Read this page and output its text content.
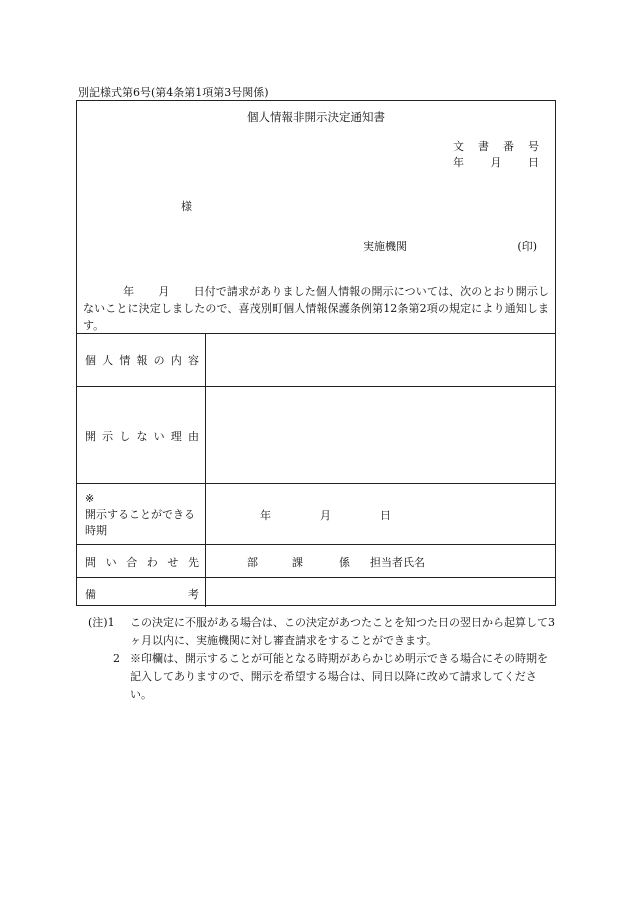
別記様式第6号(第4条第1項第3号関係)
個人情報非開示決定通知書
文 書 番 号
年 月 日
様
実施機関	(印)
年 月 日付で請求がありました個人情報の開示については、次のとおり開示しないことに決定しましたので、喜茂別町個人情報保護条例第12条第2項の規定により通知します。
個 人 情 報 の 内 容
開 示 し な い 理 由
※
開示することができる時期
年	月	日
問 い 合 わ せ 先	部	課	係 担当者氏名
備	考
(注)1	この決定に不服がある場合は、この決定があつたことを知つた日の翌日から起算して3ヶ月以内に、実施機関に対し審査請求をすることができます。
2 ※印欄は、開示することが可能となる時期があらかじめ明示できる場合にその時期を記入してありますので、開示を希望する場合は、同日以降に改めて請求してください。
